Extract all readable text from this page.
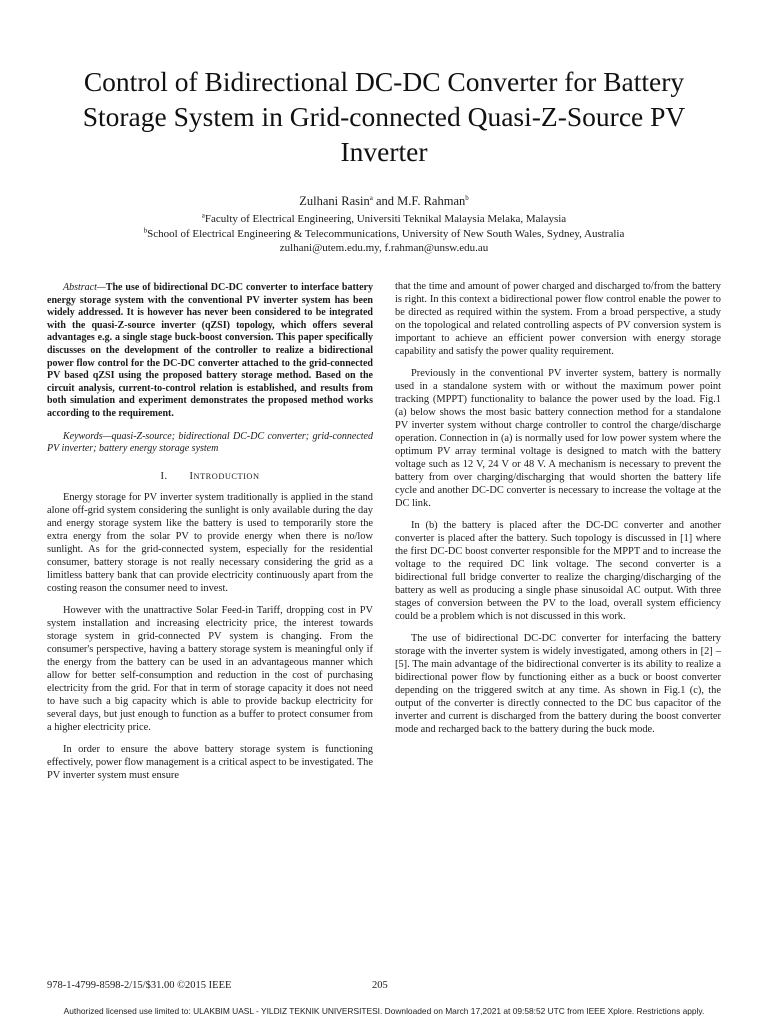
Control of Bidirectional DC-DC Converter for Battery Storage System in Grid-connected Quasi-Z-Source PV Inverter
Zulhani Rasin$^a$ and M.F. Rahman$^b$
$^a$Faculty of Electrical Engineering, Universiti Teknikal Malaysia Melaka, Malaysia
$^b$School of Electrical Engineering & Telecommunications, University of New South Wales, Sydney, Australia
zulhani@utem.edu.my, f.rahman@unsw.edu.au
Abstract—The use of bidirectional DC-DC converter to interface battery energy storage system with the conventional PV inverter system has been widely addressed. It is however has never been considered to be integrated with the quasi-Z-source inverter (qZSI) topology, which offers several advantages e.g. a single stage buck-boost conversion. This paper specifically discusses on the development of the controller to realize a bidirectional power flow control for the DC-DC converter attached to the grid-connected PV based qZSI using the proposed battery storage method. Based on the circuit analysis, current-to-control relation is established, and results from both simulation and experiment demonstrates the proposed method works according to the requirement.
Keywords—quasi-Z-source; bidirectional DC-DC converter; grid-connected PV inverter; battery energy storage system
I. INTRODUCTION

Energy storage for PV inverter system traditionally is applied in the stand alone off-grid system considering the sunlight is only available during the day and energy storage system like the battery is used to temporarily store the extra energy from the solar PV to provide energy when there is no/low sunlight. As for the grid-connected system, especially for the residential consumer, battery storage is not really necessary considering the grid as a limitless battery bank that can provide electricity continuously apart from the costing reason the consumer need to invest.

However with the unattractive Solar Feed-in Tariff, dropping cost in PV system installation and increasing electricity price, the interest towards storage system in grid-connected PV system is changing. From the consumer's perspective, having a battery storage system is meaningful only if the energy from the battery can be used in an advantageous manner which allow for better self-consumption and reduction in the cost of purchasing electricity from the grid. For that in term of storage capacity it does not need to have such a big capacity which is able to provide backup electricity for several days, but just enough to function as a buffer to protect consumer from a higher electricity price.

In order to ensure the above battery storage system is functioning effectively, power flow management is a critical aspect to be investigated. The PV inverter system must ensure

that the time and amount of power charged and discharged to/from the battery is right. In this context a bidirectional power flow control enable the power to be directed as required within the system. From a broad perspective, a study on the topological and related controlling aspects of PV conversion system is important to achieve an efficient power conversion with energy storage capability and satisfy the power quality requirement.

Previously in the conventional PV inverter system, battery is normally used in a standalone system with or without the maximum power point tracking (MPPT) functionality to balance the power used by the load. Fig.1 (a) below shows the most basic battery connection method for a standalone PV inverter system without charge controller to control the charge/discharge operation. Connection in (a) is normally used for low power system where the optimum PV array terminal voltage is designed to match with the battery voltage such as 12 V, 24 V or 48 V. A mechanism is necessary to prevent the battery from over charging/discharging that would shorten the battery life cycle and another DC-DC converter is necessary to increase the voltage at the DC link.

In (b) the battery is placed after the DC-DC converter and another converter is placed after the battery. Such topology is discussed in [1] where the first DC-DC boost converter responsible for the MPPT and to increase the voltage to the required DC link voltage. The second converter is a bidirectional full bridge converter to realize the charging/discharging of the battery as well as producing a single phase sinusoidal AC output. With three stages of conversion between the PV to the load, overall system efficiency could be a problem which is not discussed in this work.

The use of bidirectional DC-DC converter for interfacing the battery storage with the inverter system is widely investigated, among others in [2] – [5]. The main advantage of the bidirectional converter is its ability to realize a bidirectional power flow by functioning either as a buck or boost converter depending on the triggered switch at any time. As shown in Fig.1 (c), the output of the converter is directly connected to the DC bus capacitor of the inverter and current is discharged from the battery during the boost converter mode and recharged back to the battery during the buck mode.

978-1-4799-8598-2/15/$31.00 ©2015 IEEE	205
Authorized licensed use limited to: ULAKBIM UASL - YILDIZ TEKNIK UNIVERSITESI. Downloaded on March 17,2021 at 09:58:52 UTC from IEEE Xplore. Restrictions apply.
